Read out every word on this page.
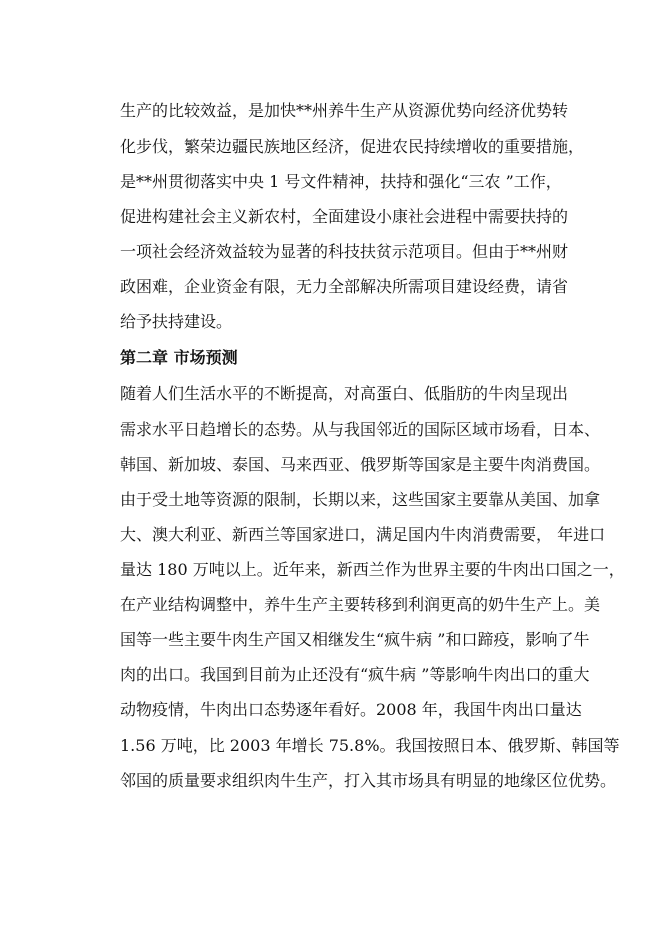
生产的比较效益，是加快**州养牛生产从资源优势向经济优势转
化步伐，繁荣边疆民族地区经济，促进农民持续增收的重要措施，
是**州贯彻落实中央 1 号文件精神，扶持和强化“三农 ”工作，
促进构建社会主义新农村，全面建设小康社会进程中需要扶持的
一项社会经济效益较为显著的科技扶贫示范项目。但由于**州财
政困难，企业资金有限，无力全部解决所需项目建设经费，请省
给予扶持建设。
第二章 市场预测
随着人们生活水平的不断提高，对高蛋白、低脂肪的牛肉呈现出
需求水平日趋增长的态势。从与我国邻近的国际区域市场看，日本、
韩国、新加坡、泰国、马来西亚、俄罗斯等国家是主要牛肉消费国。
由于受土地等资源的限制，长期以来，这些国家主要靠从美国、加拿
大、澳大利亚、新西兰等国家进口，满足国内牛肉消费需要， 年进口
量达 180 万吨以上。近年来，新西兰作为世界主要的牛肉出口国之一，
在产业结构调整中，养牛生产主要转移到利润更高的奶牛生产上。美
国等一些主要牛肉生产国又相继发生“疯牛病 ”和口蹄疫，影响了牛
肉的出口。我国到目前为止还没有“疯牛病 ”等影响牛肉出口的重大
动物疫情，牛肉出口态势逐年看好。2008 年，我国牛肉出口量达
1.56 万吨，比 2003 年增长 75.8%。我国按照日本、俄罗斯、韩国等
邻国的质量要求组织肉牛生产，打入其市场具有明显的地缘区位优势。
